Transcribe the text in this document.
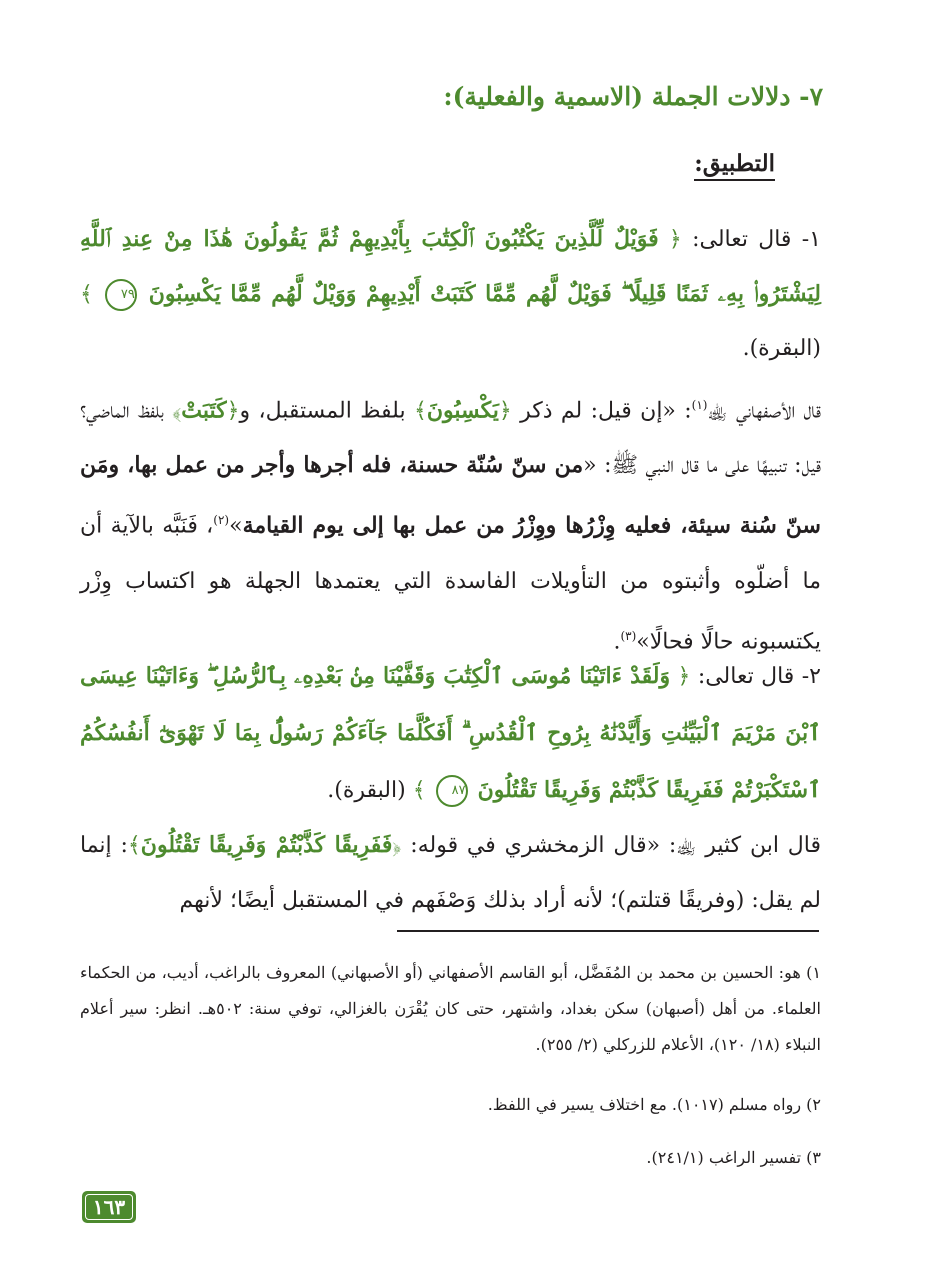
٧- دلالات الجملة (الاسمية والفعلية):
التطبيق:
١- قال تعالى: ﴿ فَوَيْلٌ لِّلَّذِينَ يَكْتُبُونَ ٱلْكِتَٰبَ بِأَيْدِيهِمْ ثُمَّ يَقُولُونَ هَٰذَا مِنْ عِندِ ٱللَّهِ لِيَشْتَرُوا۟ بِهِۦ ثَمَنًا قَلِيلًا ۖ فَوَيْلٌ لَّهُم مِّمَّا كَتَبَتْ أَيْدِيهِمْ وَوَيْلٌ لَّهُم مِّمَّا يَكْسِبُونَ ٧٩ ﴾ (البقرة).
قال الأصفهاني ﵀$^{(١)}$: «إن قيل: لم ذكر ﴿يَكْسِبُونَ﴾ بلفظ المستقبل، و﴿كَتَبَتْ﴾ بلفظ الماضي؟ قيل: تنبيهًا على ما قال النبي ﷺ: «من سنّ سُنّة حسنة، فله أجرها وأجر من عمل بها، ومَن سنّ سُنة سيئة، فعليه وِزْرُها ووِزْرُ من عمل بها إلى يوم القيامة»$^{(٢)}$، فَنَبَّه بالآية أن ما أضلّوه وأثبتوه من التأويلات الفاسدة التي يعتمدها الجهلة هو اكتساب وِزْر يكتسبونه حالًا فحالًا»$^{(٣)}$.
٢- قال تعالى: ﴿ وَلَقَدْ ءَاتَيْنَا مُوسَى ٱلْكِتَٰبَ وَقَفَّيْنَا مِنۢ بَعْدِهِۦ بِٱلرُّسُلِ ۖ وَءَاتَيْنَا عِيسَى ٱبْنَ مَرْيَمَ ٱلْبَيِّنَٰتِ وَأَيَّدْنَٰهُ بِرُوحِ ٱلْقُدُسِ ۗ أَفَكُلَّمَا جَآءَكُمْ رَسُولٌۢ بِمَا لَا تَهْوَىٰٓ أَنفُسُكُمُ ٱسْتَكْبَرْتُمْ فَفَرِيقًا كَذَّبْتُمْ وَفَرِيقًا تَقْتُلُونَ ٨٧ ﴾ (البقرة).
قال ابن كثير ﵀: «قال الزمخشري في قوله: ﴿فَفَرِيقًا كَذَّبْتُمْ وَفَرِيقًا تَقْتُلُونَ﴾: إنما لم يقل: (وفريقًا قتلتم)؛ لأنه أراد بذلك وَصْفَهم في المستقبل أيضًا؛ لأنهم
١) هو: الحسين بن محمد بن المُفَضَّل، أبو القاسم الأصفهاني (أو الأصبهاني) المعروف بالراغب، أديب، من الحكماء العلماء. من أهل (أصبهان) سكن بغداد، واشتهر، حتى كان يُقْرَن بالغزالي، توفي سنة: ٥٠٢هـ. انظر: سير أعلام النبلاء (١٨/ ١٢٠)، الأعلام للزركلي (٢/ ٢٥٥).
٢) رواه مسلم (١٠١٧). مع اختلاف يسير في اللفظ.
٣) تفسير الراغب (٢٤١/١).
١٦٣
